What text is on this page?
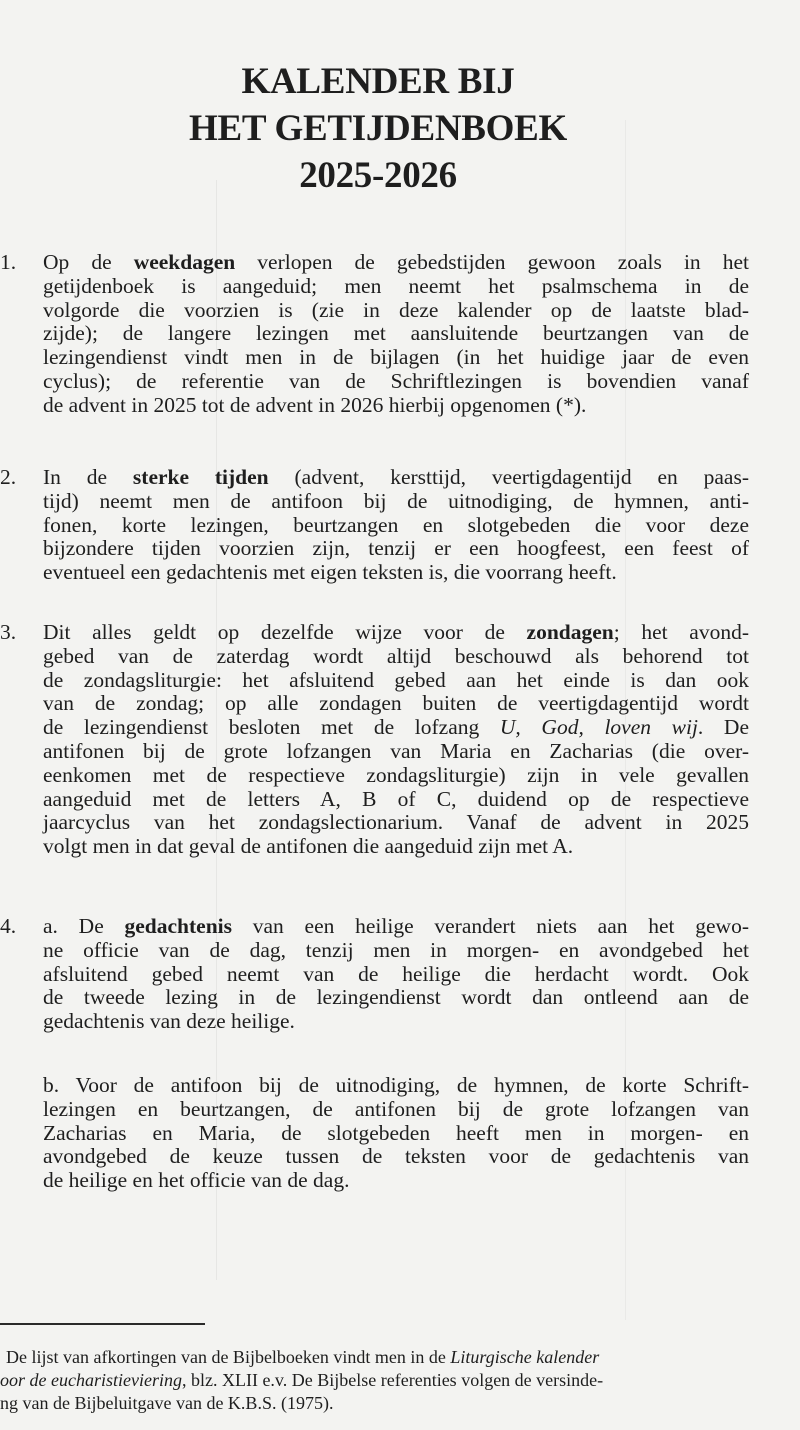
KALENDER BIJ
HET GETIJDENBOEK
2025-2026
1. Op de weekdagen verlopen de gebedstijden gewoon zoals in het
getijdenboek is aangeduid; men neemt het psalmschema in de
volgorde die voorzien is (zie in deze kalender op de laatste blad-
zijde); de langere lezingen met aansluitende beurtzangen van de
lezingendienst vindt men in de bijlagen (in het huidige jaar de even
cyclus); de referentie van de Schriftlezingen is bovendien vanaf
de advent in 2025 tot de advent in 2026 hierbij opgenomen (*).
2. In de sterke tijden (advent, kersttijd, veertigdagentijd en paas-
tijd) neemt men de antifoon bij de uitnodiging, de hymnen, anti-
fonen, korte lezingen, beurtzangen en slotgebeden die voor deze
bijzondere tijden voorzien zijn, tenzij er een hoogfeest, een feest of
eventueel een gedachtenis met eigen teksten is, die voorrang heeft.
3. Dit alles geldt op dezelfde wijze voor de zondagen; het avond-
gebed van de zaterdag wordt altijd beschouwd als behorend tot
de zondagsliturgie: het afsluitend gebed aan het einde is dan ook
van de zondag; op alle zondagen buiten de veertigdagentijd wordt
de lezingendienst besloten met de lofzang U, God, loven wij. De
antifonen bij de grote lofzangen van Maria en Zacharias (die over-
eenkomen met de respectieve zondagsliturgie) zijn in vele gevallen
aangeduid met de letters A, B of C, duidend op de respectieve
jaarcyclus van het zondagslectionarium. Vanaf de advent in 2025
volgt men in dat geval de antifonen die aangeduid zijn met A.
4. a. De gedachtenis van een heilige verandert niets aan het gewo-
ne officie van de dag, tenzij men in morgen- en avondgebed het
afsluitend gebed neemt van de heilige die herdacht wordt. Ook
de tweede lezing in de lezingendienst wordt dan ontleend aan de
gedachtenis van deze heilige.
b. Voor de antifoon bij de uitnodiging, de hymnen, de korte Schrift-
lezingen en beurtzangen, de antifonen bij de grote lofzangen van
Zacharias en Maria, de slotgebeden heeft men in morgen- en
avondgebed de keuze tussen de teksten voor de gedachtenis van
de heilige en het officie van de dag.
De lijst van afkortingen van de Bijbelboeken vindt men in de Liturgische kalender
oor de eucharistieviering, blz. XLII e.v. De Bijbelse referenties volgen de versinde-
ng van de Bijbeluitgave van de K.B.S. (1975).
